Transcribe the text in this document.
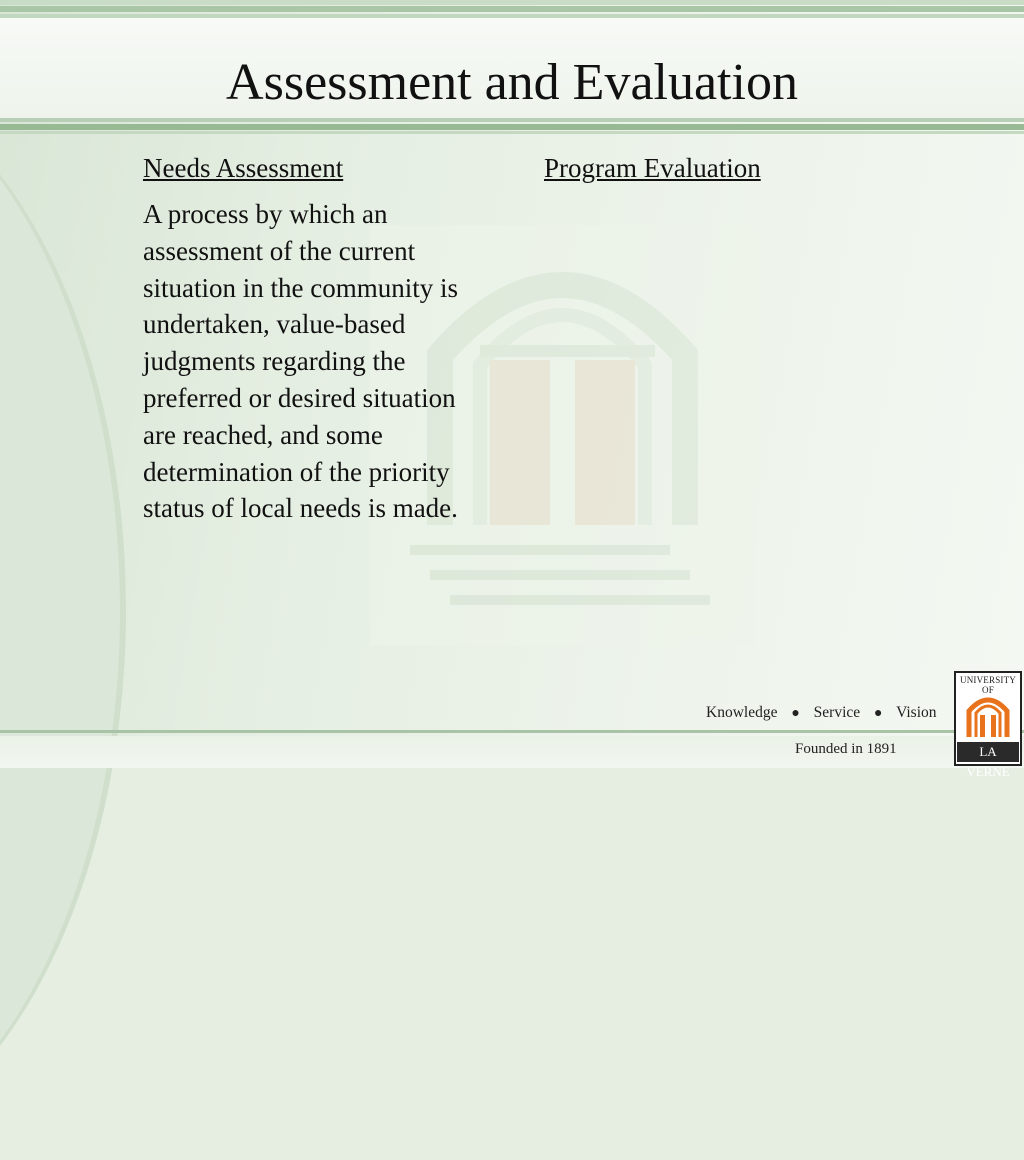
Assessment and Evaluation
Needs Assessment	Program Evaluation
A process by which an assessment of the current situation in the community is undertaken, value-based judgments regarding the preferred or desired situation are reached, and some determination of the priority status of local needs is made.
Knowledge ● Service ● Vision
Founded in 1891
UNIVERSITY OF
LA VERNE
